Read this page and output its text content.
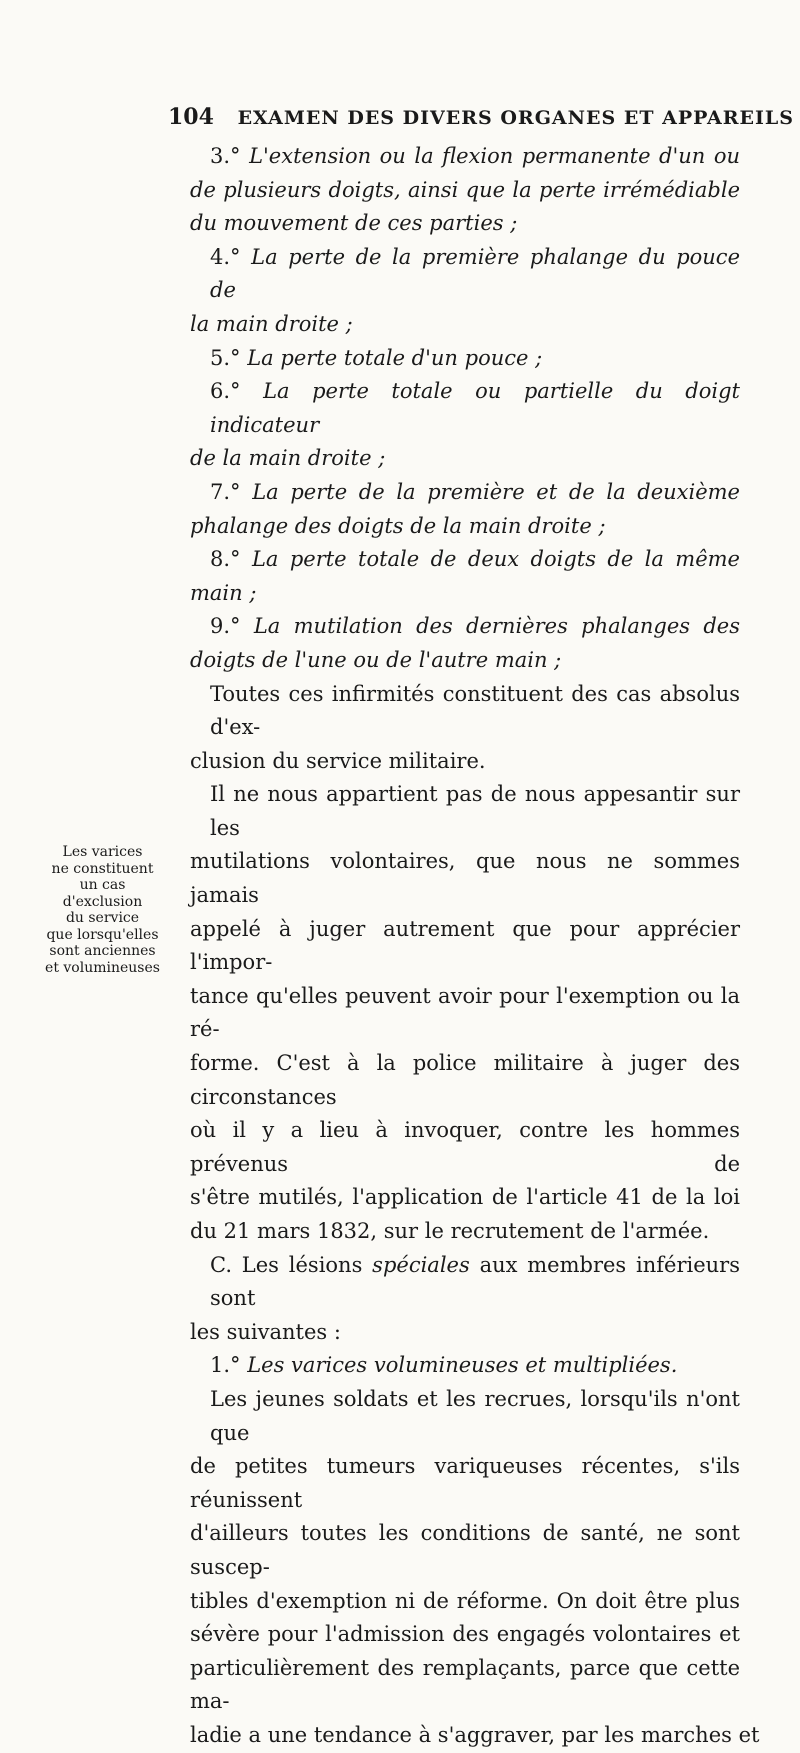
104 EXAMEN DES DIVERS ORGANES ET APPAREILS
3.° L'extension ou la flexion permanente d'un ou
de plusieurs doigts, ainsi que la perte irrémédiable
du mouvement de ces parties ;
4.° La perte de la première phalange du pouce de
la main droite ;
5.° La perte totale d'un pouce ;
6.° La perte totale ou partielle du doigt indicateur
de la main droite ;
7.° La perte de la première et de la deuxième
phalange des doigts de la main droite ;
8.° La perte totale de deux doigts de la même
main ;
9.° La mutilation des dernières phalanges des
doigts de l'une ou de l'autre main ;
Toutes ces infirmités constituent des cas absolus d'ex-
clusion du service militaire.
Il ne nous appartient pas de nous appesantir sur les
mutilations volontaires, que nous ne sommes jamais
appelé à juger autrement que pour apprécier l'impor-
tance qu'elles peuvent avoir pour l'exemption ou la ré-
forme. C'est à la police militaire à juger des circonstances
où il y a lieu à invoquer, contre les hommes prévenus de
s'être mutilés, l'application de l'article 41 de la loi
du 21 mars 1832, sur le recrutement de l'armée.
C. Les lésions spéciales aux membres inférieurs sont
les suivantes :
1.° Les varices volumineuses et multipliées.
Les jeunes soldats et les recrues, lorsqu'ils n'ont que
de petites tumeurs variqueuses récentes, s'ils réunissent
d'ailleurs toutes les conditions de santé, ne sont suscep-
tibles d'exemption ni de réforme. On doit être plus
sévère pour l'admission des engagés volontaires et
particulièrement des remplaçants, parce que cette ma-
ladie a une tendance à s'aggraver, par les marches et
Les varices
ne constituent
un cas
d'exclusion
du service
que lorsqu'elles
sont anciennes
et volumineuses
